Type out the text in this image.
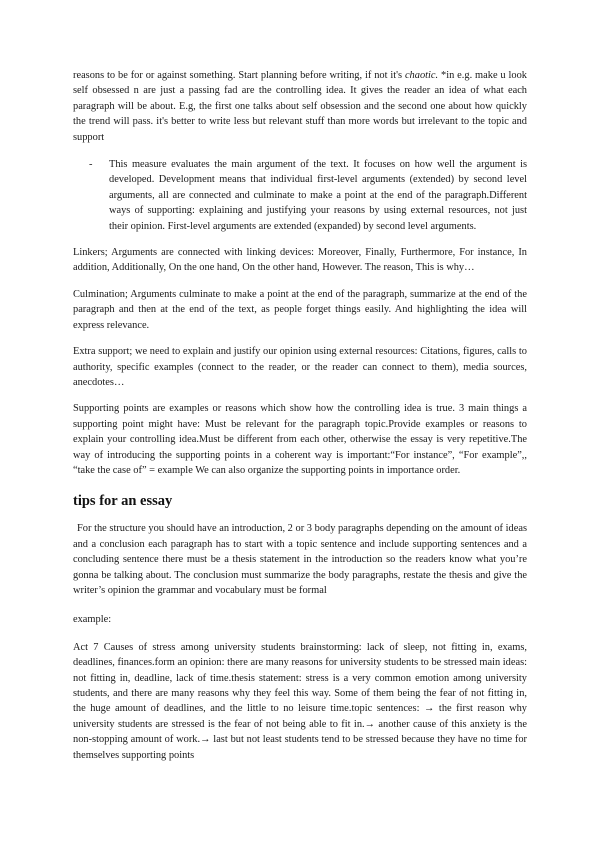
reasons to be for or against something. Start planning before writing, if not it's chaotic. *in e.g. make u look self obsessed n are just a passing fad are the controlling idea. It gives the reader an idea of what each paragraph will be about. E.g, the first one talks about self obsession and the second one about how quickly the trend will pass. it's better to write less but relevant stuff than more words but irrelevant to the topic and support

- This measure evaluates the main argument of the text. It focuses on how well the argument is developed. Development means that individual first-level arguments (extended) by second level arguments, all are connected and culminate to make a point at the end of the paragraph.Different ways of supporting: explaining and justifying your reasons by using external resources, not just their opinion. First-level arguments are extended (expanded) by second level arguments.

Linkers; Arguments are connected with linking devices: Moreover, Finally, Furthermore, For instance, In addition, Additionally, On the one hand, On the other hand, However. The reason, This is why…

Culmination; Arguments culminate to make a point at the end of the paragraph, summarize at the end of the paragraph and then at the end of the text, as people forget things easily. And highlighting the idea will express relevance.

Extra support; we need to explain and justify our opinion using external resources: Citations, figures, calls to authority, specific examples (connect to the reader, or the reader can connect to them), media sources, anecdotes…

Supporting points are examples or reasons which show how the controlling idea is true. 3 main things a supporting point might have: Must be relevant for the paragraph topic.Provide examples or reasons to explain your controlling idea.Must be different from each other, otherwise the essay is very repetitive.The way of introducing the supporting points in a coherent way is important:“For instance”, “For example”,, “take the case of” = example We can also organize the supporting points in importance order.

tips for an essay

For the structure you should have an introduction, 2 or 3 body paragraphs depending on the amount of ideas and a conclusion each paragraph has to start with a topic sentence and include supporting sentences and a concluding sentence there must be a thesis statement in the introduction so the readers know what you’re gonna be talking about. The conclusion must summarize the body paragraphs, restate the thesis and give the writer’s opinion the grammar and vocabulary must be formal

example:

Act 7 Causes of stress among university students brainstorming: lack of sleep, not fitting in, exams, deadlines, finances.form an opinion: there are many reasons for university students to be stressed main ideas: not fitting in, deadline, lack of time.thesis statement: stress is a very common emotion among university students, and there are many reasons why they feel this way. Some of them being the fear of not fitting in, the huge amount of deadlines, and the little to no leisure time.topic sentences: → the first reason why university students are stressed is the fear of not being able to fit in.→ another cause of this anxiety is the non-stopping amount of work.→ last but not least students tend to be stressed because they have no time for themselves supporting points
